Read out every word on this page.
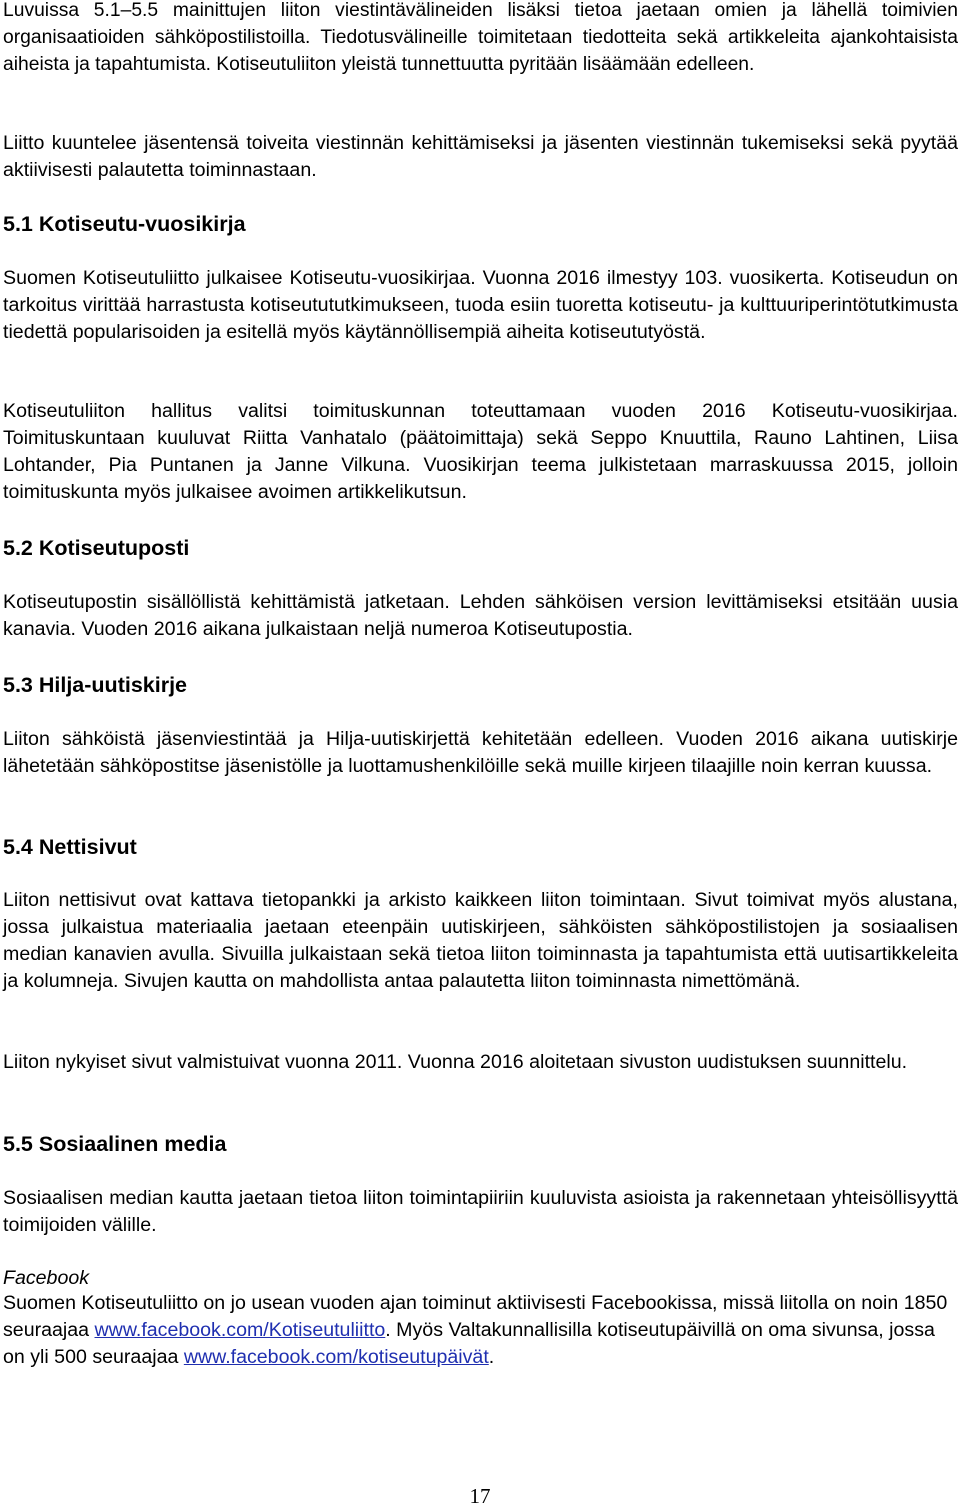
Luvuissa 5.1–5.5 mainittujen liiton viestintävälineiden lisäksi tietoa jaetaan omien ja lähellä toimivien organisaatioiden sähköpostilistoilla. Tiedotusvälineille toimitetaan tiedotteita sekä artikkeleita ajankohtaisista aiheista ja tapahtumista. Kotiseutuliiton yleistä tunnettuutta pyritään lisäämään edelleen.

Liitto kuuntelee jäsentensä toiveita viestinnän kehittämiseksi ja jäsenten viestinnän tukemiseksi sekä pyytää aktiivisesti palautetta toiminnastaan.

5.1 Kotiseutu-vuosikirja

Suomen Kotiseutuliitto julkaisee Kotiseutu-vuosikirjaa. Vuonna 2016 ilmestyy 103. vuosikerta. Kotiseudun on tarkoitus virittää harrastusta kotiseutututkimukseen, tuoda esiin tuoretta kotiseutu- ja kulttuuriperintötutkimusta tiedettä popularisoiden ja esitellä myös käytännöllisempiä aiheita kotiseututyöstä.

Kotiseutuliiton hallitus valitsi toimituskunnan toteuttamaan vuoden 2016 Kotiseutu-vuosikirjaa. Toimituskuntaan kuuluvat Riitta Vanhatalo (päätoimittaja) sekä Seppo Knuuttila, Rauno Lahtinen, Liisa Lohtander, Pia Puntanen ja Janne Vilkuna. Vuosikirjan teema julkistetaan marraskuussa 2015, jolloin toimituskunta myös julkaisee avoimen artikkelikutsun.

5.2 Kotiseutuposti

Kotiseutupostin sisällöllistä kehittämistä jatketaan. Lehden sähköisen version levittämiseksi etsitään uusia kanavia. Vuoden 2016 aikana julkaistaan neljä numeroa Kotiseutupostia.

5.3 Hilja-uutiskirje

Liiton sähköistä jäsenviestintää ja Hilja-uutiskirjettä kehitetään edelleen. Vuoden 2016 aikana uutiskirje lähetetään sähköpostitse jäsenistölle ja luottamushenkilöille sekä muille kirjeen tilaajille noin kerran kuussa.

5.4 Nettisivut

Liiton nettisivut ovat kattava tietopankki ja arkisto kaikkeen liiton toimintaan. Sivut toimivat myös alustana, jossa julkaistua materiaalia jaetaan eteenpäin uutiskirjeen, sähköisten sähköpostilistojen ja sosiaalisen median kanavien avulla. Sivuilla julkaistaan sekä tietoa liiton toiminnasta ja tapahtumista että uutisartikkeleita ja kolumneja. Sivujen kautta on mahdollista antaa palautetta liiton toiminnasta nimettömänä.

Liiton nykyiset sivut valmistuivat vuonna 2011. Vuonna 2016 aloitetaan sivuston uudistuksen suunnittelu.

5.5 Sosiaalinen media

Sosiaalisen median kautta jaetaan tietoa liiton toimintapiiriin kuuluvista asioista ja rakennetaan yhteisöllisyyttä toimijoiden välille.

Facebook

Suomen Kotiseutuliitto on jo usean vuoden ajan toiminut aktiivisesti Facebookissa, missä liitolla on noin 1850 seuraajaa www.facebook.com/Kotiseutuliitto. Myös Valtakunnallisilla kotiseutupäivillä on oma sivunsa, jossa on yli 500 seuraajaa www.facebook.com/kotiseutupäivät.

17
